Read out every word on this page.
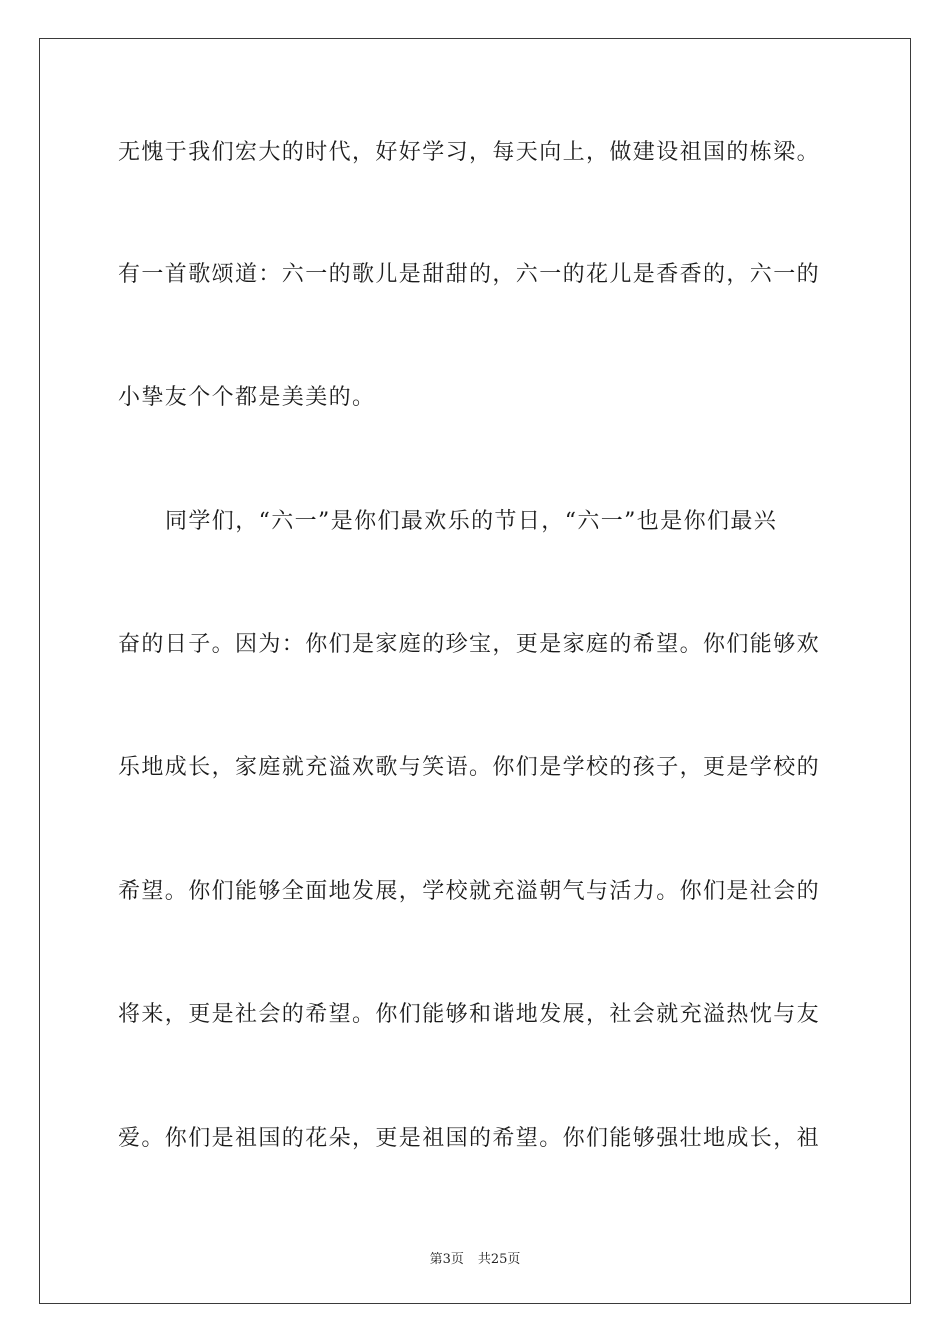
无愧于我们宏大的时代，好好学习，每天向上，做建设祖国的栋梁。
有一首歌颂道：六一的歌儿是甜甜的，六一的花儿是香香的，六一的
小挚友个个都是美美的。
同学们，“六一”是你们最欢乐的节日，“六一”也是你们最兴
奋的日子。因为：你们是家庭的珍宝，更是家庭的希望。你们能够欢
乐地成长，家庭就充溢欢歌与笑语。你们是学校的孩子，更是学校的
希望。你们能够全面地发展，学校就充溢朝气与活力。你们是社会的
将来，更是社会的希望。你们能够和谐地发展，社会就充溢热忱与友
爱。你们是祖国的花朵，更是祖国的希望。你们能够强壮地成长，祖
第3页 共25页
